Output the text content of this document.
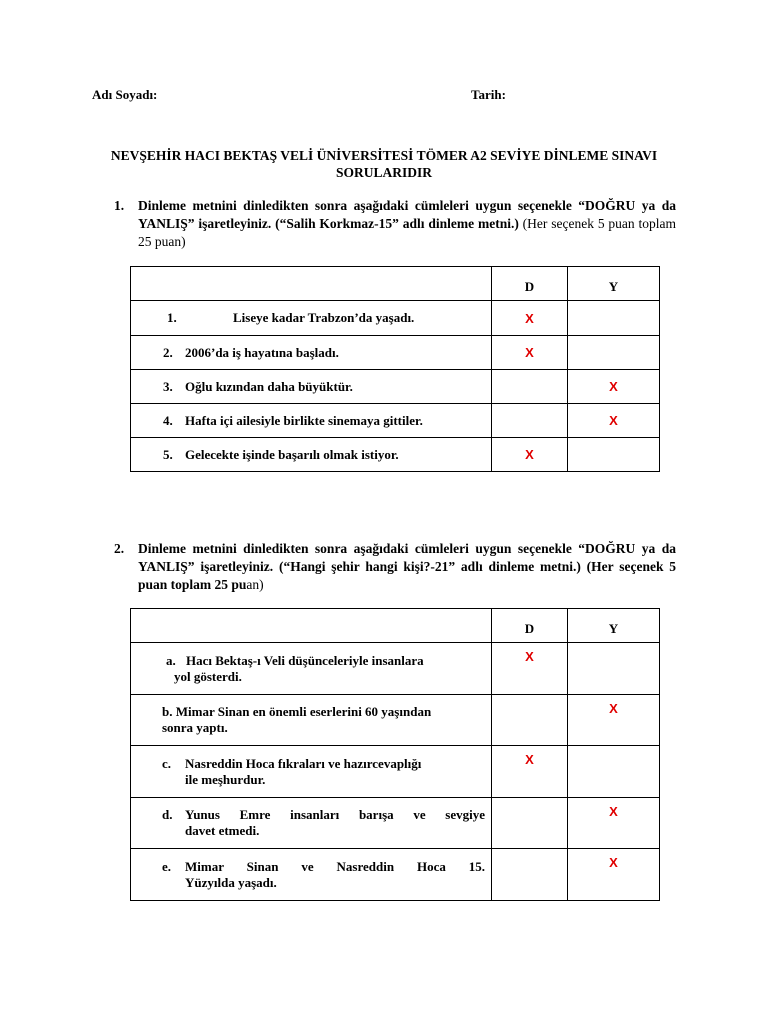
Adı Soyadı:	Tarih:
NEVŞEHİR HACI BEKTAŞ VELİ ÜNİVERSİTESİ TÖMER A2 SEVİYE DİNLEME SINAVI
SORULARIDIR
1. Dinleme metnini dinledikten sonra aşağıdaki cümleleri uygun seçenekle “DOĞRU ya da YANLIŞ” işaretleyiniz. (“Salih Korkmaz-15” adlı dinleme metni.) (Her seçenek 5 puan toplam 25 puan)
	D	Y
1. Liseye kadar Trabzon’da yaşadı.	X	
2. 2006’da iş hayatına başladı.	X	
3. Oğlu kızından daha büyüktür.		X
4. Hafta içi ailesiyle birlikte sinemaya gittiler.		X
5. Gelecekte işinde başarılı olmak istiyor.	X	
2. Dinleme metnini dinledikten sonra aşağıdaki cümleleri uygun seçenekle “DOĞRU ya da YANLIŞ” işaretleyiniz. (“Hangi şehir hangi kişi?-21” adlı dinleme metni.) (Her seçenek 5 puan toplam 25 puan)
	D	Y

a. Hacı Bektaş-ı Veli düşünceleriyle insanlara
yol gösterdi.	X	

b. Mimar Sinan en önemli eserlerini 60 yaşından
sonra yaptı.		X

c. Nasreddin Hoca fıkraları ve hazırcevaplığı
ile meşhurdur.	X	

d. Yunus Emre insanları barışa ve sevgiye
davet etmedi.		X

e. Mimar Sinan ve Nasreddin Hoca 15.
Yüzyılda yaşadı.		X
